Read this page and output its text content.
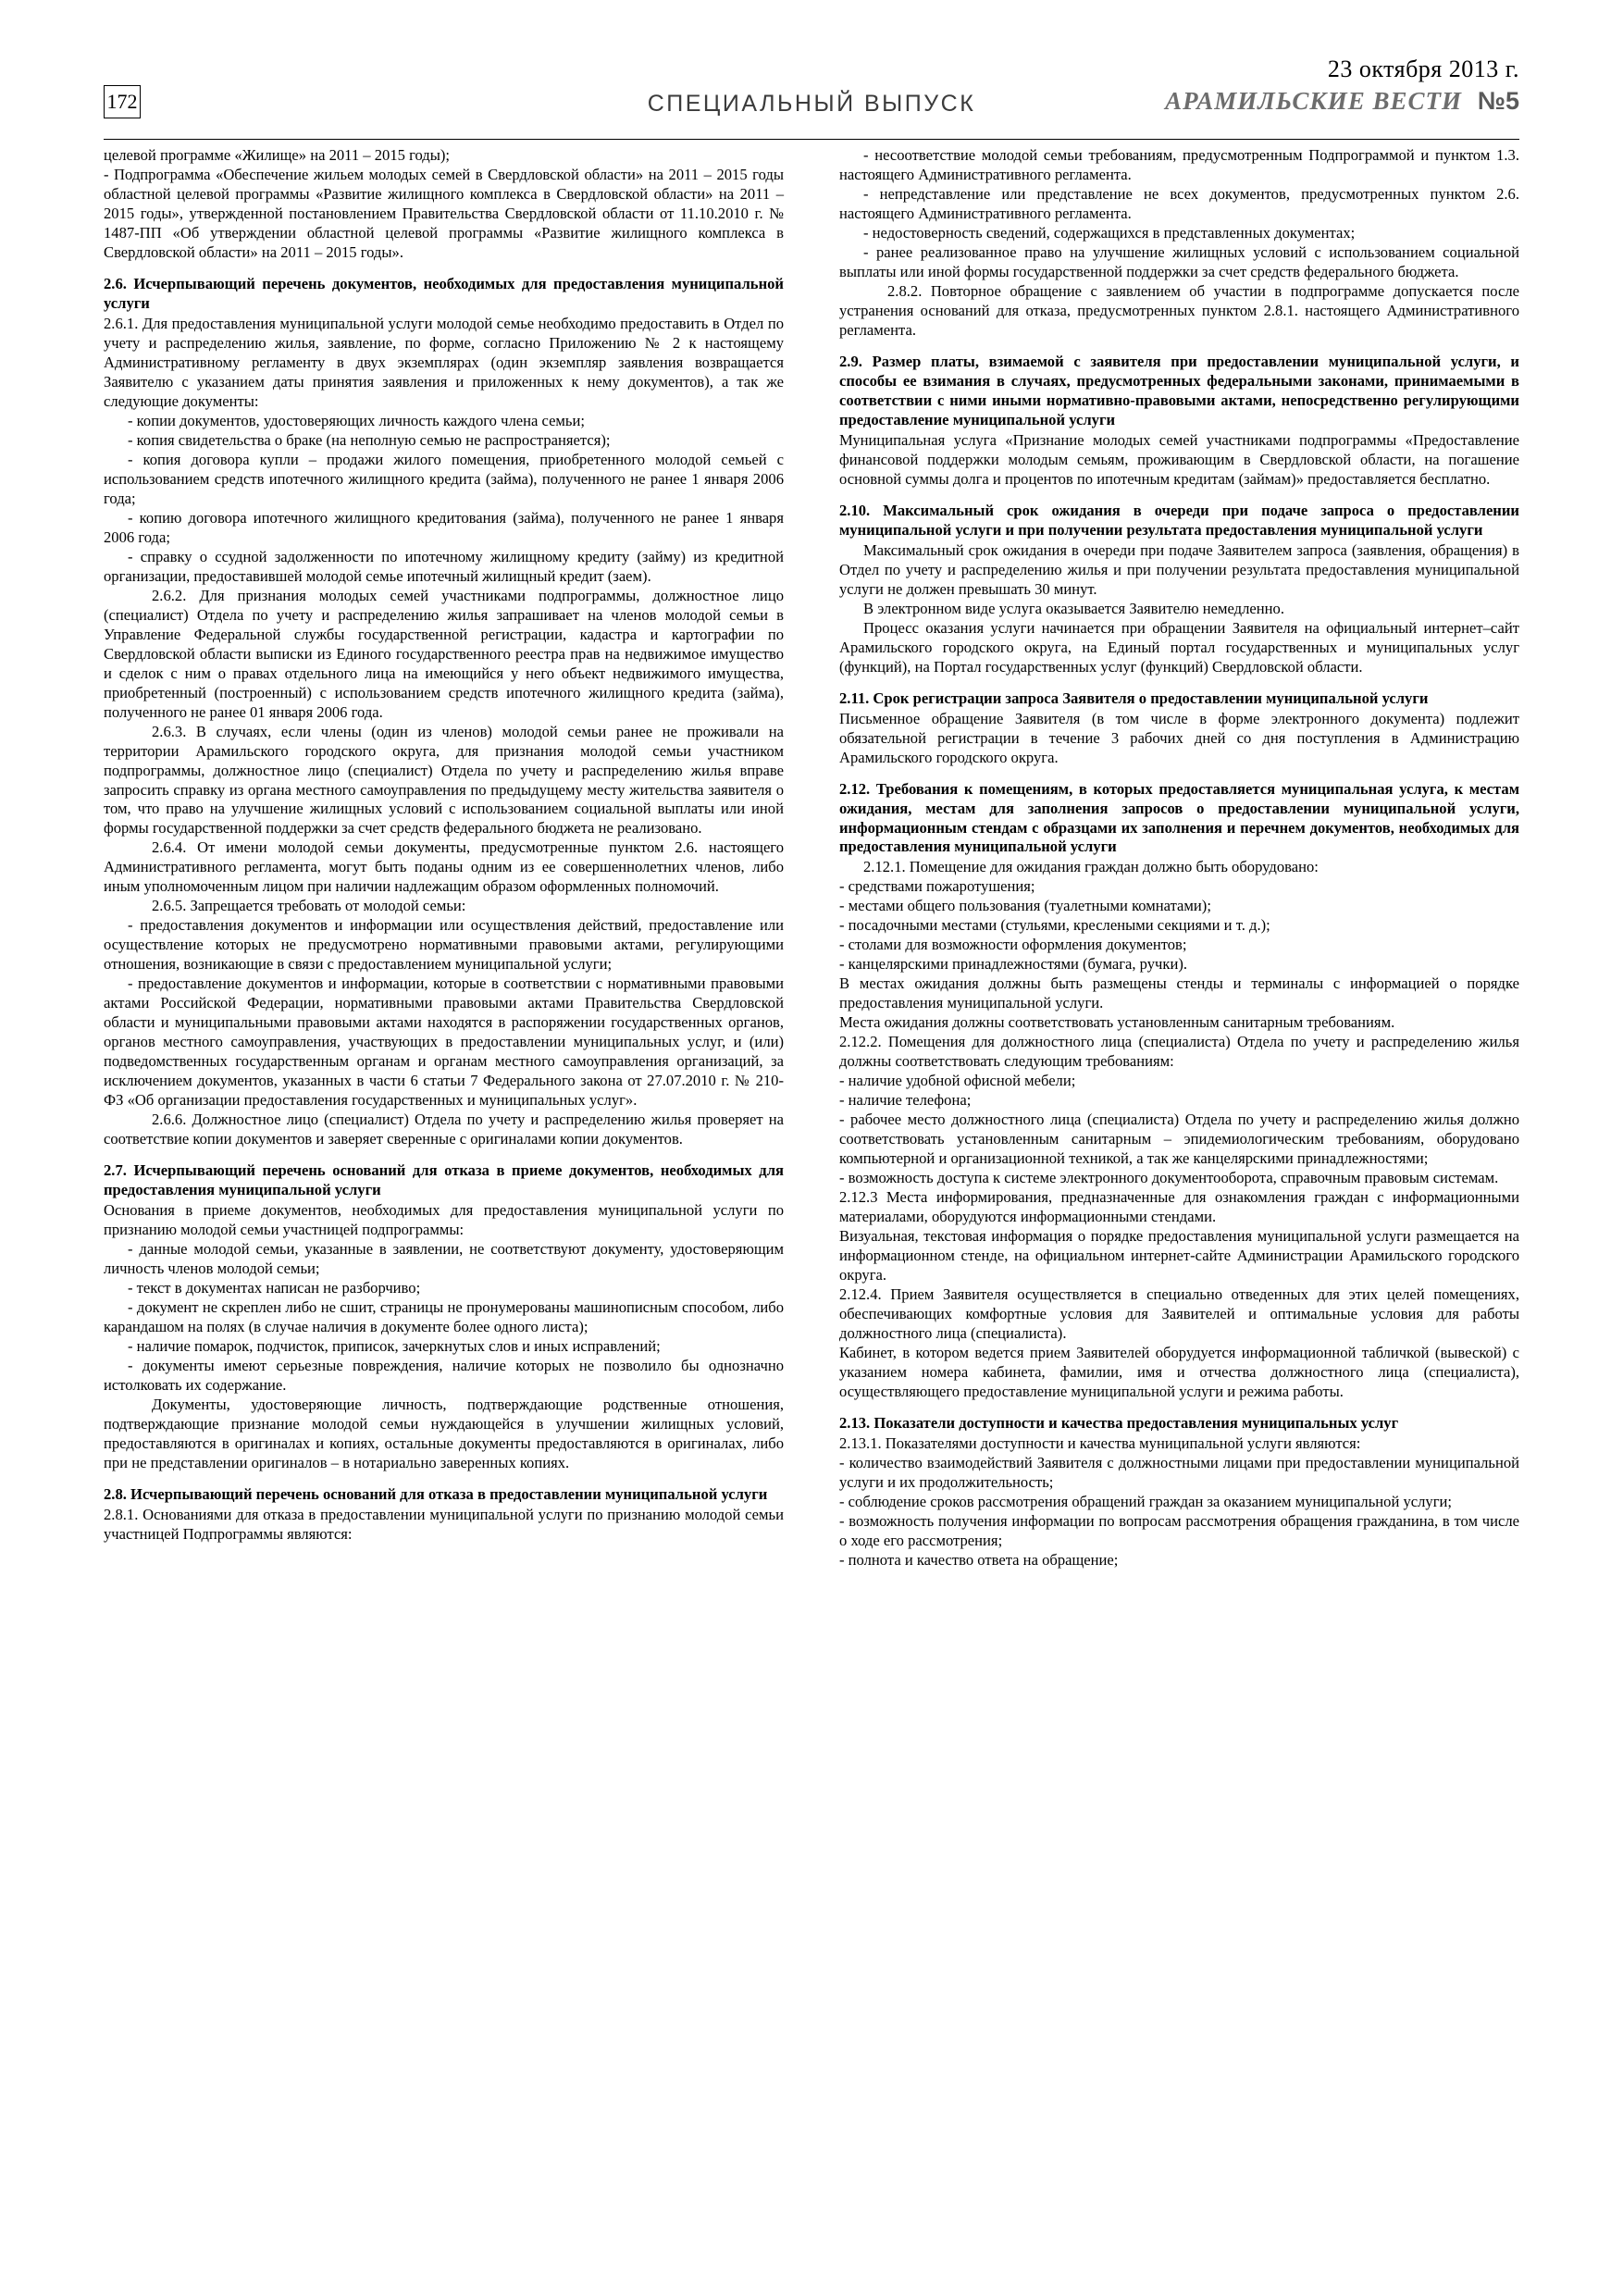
23 октября 2013 г.
172	СПЕЦИАЛЬНЫЙ ВЫПУСК	АРАМИЛЬСКИЕ ВЕСТИ №5

целевой программе «Жилище» на 2011 – 2015 годы);

- Подпрограмма «Обеспечение жильем молодых семей в Свердловской области» на 2011 – 2015 годы областной целевой программы «Развитие жилищного комплекса в Свердловской области» на 2011 – 2015 годы», утвержденной постановлением Правительства Свердловской области от 11.10.2010 г. № 1487-ПП «Об утверждении областной целевой программы «Развитие жилищного комплекса в Свердловской области» на 2011 – 2015 годы».

2.6. Исчерпывающий перечень документов, необходимых для предоставления муниципальной услуги

2.6.1. Для предоставления муниципальной услуги молодой семье необходимо предоставить в Отдел по учету и распределению жилья, заявление, по форме, согласно Приложению № 2 к настоящему Административному регламенту в двух экземплярах (один экземпляр заявления возвращается Заявителю с указанием даты принятия заявления и приложенных к нему документов), а так же следующие документы:

- копии документов, удостоверяющих личность каждого члена семьи;

- копия свидетельства о браке (на неполную семью не распространяется);

- копия договора купли – продажи жилого помещения, приобретенного молодой семьей с использованием средств ипотечного жилищного кредита (займа), полученного не ранее 1 января 2006 года;

- копию договора ипотечного жилищного кредитования (займа), полученного не ранее 1 января 2006 года;

- справку о ссудной задолженности по ипотечному жилищному кредиту (займу) из кредитной организации, предоставившей молодой семье ипотечный жилищный кредит (заем).

2.6.2. Для признания молодых семей участниками подпрограммы, должностное лицо (специалист) Отдела по учету и распределению жилья запрашивает на членов молодой семьи в Управление Федеральной службы государственной регистрации, кадастра и картографии по Свердловской области выписки из Единого государственного реестра прав на недвижимое имущество и сделок с ним о правах отдельного лица на имеющийся у него объект недвижимого имущества, приобретенный (построенный) с использованием средств ипотечного жилищного кредита (займа), полученного не ранее 01 января 2006 года.

2.6.3. В случаях, если члены (один из членов) молодой семьи ранее не проживали на территории Арамильского городского округа, для признания молодой семьи участником подпрограммы, должностное лицо (специалист) Отдела по учету и распределению жилья вправе запросить справку из органа местного самоуправления по предыдущему месту жительства заявителя о том, что право на улучшение жилищных условий с использованием социальной выплаты или иной формы государственной поддержки за счет средств федерального бюджета не реализовано.

2.6.4. От имени молодой семьи документы, предусмотренные пунктом 2.6. настоящего Административного регламента, могут быть поданы одним из ее совершеннолетних членов, либо иным уполномоченным лицом при наличии надлежащим образом оформленных полномочий.

2.6.5. Запрещается требовать от молодой семьи:

- предоставления документов и информации или осуществления действий, предоставление или осуществление которых не предусмотрено нормативными правовыми актами, регулирующими отношения, возникающие в связи с предоставлением муниципальной услуги;

- предоставление документов и информации, которые в соответствии с нормативными правовыми актами Российской Федерации, нормативными правовыми актами Правительства Свердловской области и муниципальными правовыми актами находятся в распоряжении государственных органов, органов местного самоуправления, участвующих в предоставлении муниципальных услуг, и (или) подведомственных государственным органам и органам местного самоуправления организаций, за исключением документов, указанных в части 6 статьи 7 Федерального закона от 27.07.2010 г. № 210-ФЗ «Об организации предоставления государственных и муниципальных услуг».

2.6.6. Должностное лицо (специалист) Отдела по учету и распределению жилья проверяет на соответствие копии документов и заверяет сверенные с оригиналами копии документов.

2.7. Исчерпывающий перечень оснований для отказа в приеме документов, необходимых для предоставления муниципальной услуги

Основания в приеме документов, необходимых для предоставления муниципальной услуги по признанию молодой семьи участницей подпрограммы:

- данные молодой семьи, указанные в заявлении, не соответствуют документу, удостоверяющим личность членов молодой семьи;

- текст в документах написан не разборчиво;

- документ не скреплен либо не сшит, страницы не пронумерованы машинописным способом, либо карандашом на полях (в случае наличия в документе более одного листа);

- наличие помарок, подчисток, приписок, зачеркнутых слов и иных исправлений;

- документы имеют серьезные повреждения, наличие которых не позволило бы однозначно истолковать их содержание.

Документы, удостоверяющие личность, подтверждающие родственные отношения, подтверждающие признание молодой семьи нуждающейся в улучшении жилищных условий, предоставляются в оригиналах и копиях, остальные документы предоставляются в оригиналах, либо при не представлении оригиналов – в нотариально заверенных копиях.

2.8. Исчерпывающий перечень оснований для отказа в предоставлении муниципальной услуги

2.8.1. Основаниями для отказа в предоставлении муниципальной услуги по признанию молодой семьи участницей Подпрограммы являются:

- несоответствие молодой семьи требованиям, предусмотренным Подпрограммой и пунктом 1.3. настоящего Административного регламента.

- непредставление или представление не всех документов, предусмотренных пунктом 2.6. настоящего Административного регламента.

- недостоверность сведений, содержащихся в представленных документах;

- ранее реализованное право на улучшение жилищных условий с использованием социальной выплаты или иной формы государственной поддержки за счет средств федерального бюджета.

2.8.2. Повторное обращение с заявлением об участии в подпрограмме допускается после устранения оснований для отказа, предусмотренных пунктом 2.8.1. настоящего Административного регламента.

2.9. Размер платы, взимаемой с заявителя при предоставлении муниципальной услуги, и способы ее взимания в случаях, предусмотренных федеральными законами, принимаемыми в соответствии с ними иными нормативно-правовыми актами, непосредственно регулирующими предоставление муниципальной услуги

Муниципальная услуга «Признание молодых семей участниками подпрограммы «Предоставление финансовой поддержки молодым семьям, проживающим в Свердловской области, на погашение основной суммы долга и процентов по ипотечным кредитам (займам)» предоставляется бесплатно.

2.10. Максимальный срок ожидания в очереди при подаче запроса о предоставлении муниципальной услуги и при получении результата предоставления муниципальной услуги

Максимальный срок ожидания в очереди при подаче Заявителем запроса (заявления, обращения) в Отдел по учету и распределению жилья и при получении результата предоставления муниципальной услуги не должен превышать 30 минут.

В электронном виде услуга оказывается Заявителю немедленно.

Процесс оказания услуги начинается при обращении Заявителя на официальный интернет–сайт Арамильского городского округа, на Единый портал государственных и муниципальных услуг (функций), на Портал государственных услуг (функций) Свердловской области.

2.11. Срок регистрации запроса Заявителя о предоставлении муниципальной услуги

Письменное обращение Заявителя (в том числе в форме электронного документа) подлежит обязательной регистрации в течение 3 рабочих дней со дня поступления в Администрацию Арамильского городского округа.

2.12. Требования к помещениям, в которых предоставляется муниципальная услуга, к местам ожидания, местам для заполнения запросов о предоставлении муниципальной услуги, информационным стендам с образцами их заполнения и перечнем документов, необходимых для предоставления муниципальной услуги

2.12.1. Помещение для ожидания граждан должно быть оборудовано:

- средствами пожаротушения;

- местами общего пользования (туалетными комнатами);

- посадочными местами (стульями, креслеными секциями и т. д.);

- столами для возможности оформления документов;

- канцелярскими принадлежностями (бумага, ручки).

В местах ожидания должны быть размещены стенды и терминалы с информацией о порядке предоставления муниципальной услуги.

Места ожидания должны соответствовать установленным санитарным требованиям.

2.12.2. Помещения для должностного лица (специалиста) Отдела по учету и распределению жилья должны соответствовать следующим требованиям:

- наличие удобной офисной мебели;

- наличие телефона;

- рабочее место должностного лица (специалиста) Отдела по учету и распределению жилья должно соответствовать установленным санитарным – эпидемиологическим требованиям, оборудовано компьютерной и организационной техникой, а так же канцелярскими принадлежностями;

- возможность доступа к системе электронного документооборота, справочным правовым системам.

2.12.3 Места информирования, предназначенные для ознакомления граждан с информационными материалами, оборудуются информационными стендами.

Визуальная, текстовая информация о порядке предоставления муниципальной услуги размещается на информационном стенде, на официальном интернет-сайте Администрации Арамильского городского округа.

2.12.4. Прием Заявителя осуществляется в специально отведенных для этих целей помещениях, обеспечивающих комфортные условия для Заявителей и оптимальные условия для работы должностного лица (специалиста).

Кабинет, в котором ведется прием Заявителей оборудуется информационной табличкой (вывеской) с указанием номера кабинета, фамилии, имя и отчества должностного лица (специалиста), осуществляющего предоставление муниципальной услуги и режима работы.

2.13. Показатели доступности и качества предоставления муниципальных услуг

2.13.1. Показателями доступности и качества муниципальной услуги являются:

- количество взаимодействий Заявителя с должностными лицами при предоставлении муниципальной услуги и их продолжительность;

- соблюдение сроков рассмотрения обращений граждан за оказанием муниципальной услуги;

- возможность получения информации по вопросам рассмотрения обращения гражданина, в том числе о ходе его рассмотрения;

- полнота и качество ответа на обращение;
